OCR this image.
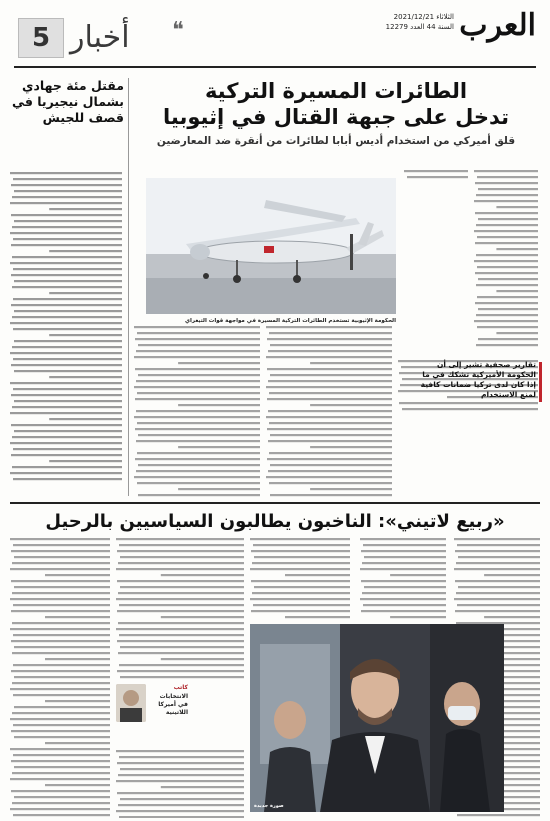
العرب
الثلاثاء 2021/12/21
السنة 44 العدد 12279
❝
أخبار
5
مقتل مئة جهادي بشمال نيجيريا في قصف للجيش
الطائرات المسيرة التركية
تدخل على جبهة القتال في إثيوبيا
قلق أميركي من استخدام أديس أبابا لطائرات من أنقرة ضد المعارضين
الحكومة الإثيوبية تستخدم الطائرات التركية المسيرة في مواجهة قوات التيغراي
تقارير صحفية تشير إلى أن الحكومة الأميركية تشكك في ما إذا كان لدى تركيا ضمانات كافية لمنع الاستخدام
«ربيع لاتيني»: الناخبون يطالبون السياسيين بالرحيل
كاتب
الانتخابات في أميركا اللاتينية
صورة جديدة
